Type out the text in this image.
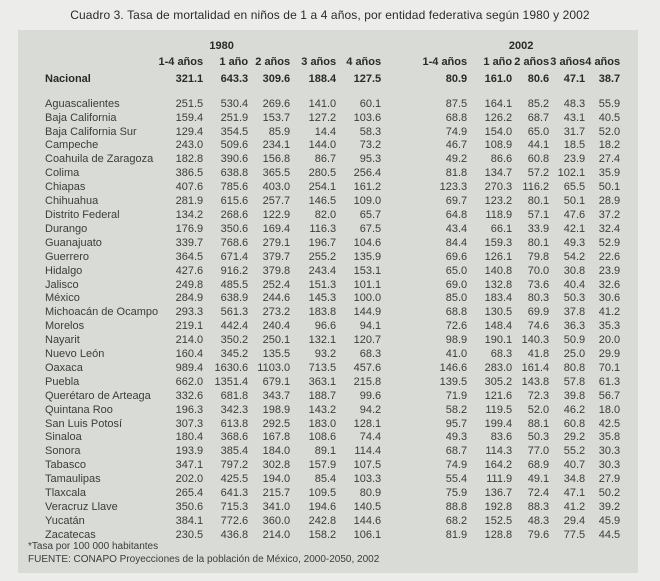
Cuadro 3. Tasa de mortalidad en niños de 1 a 4 años, por entidad federativa según 1980 y 2002
	1980						2002				
	1-4 años	1 año	2 años	3 años	4 años		1-4 años	1 año	2 años	3 años	4 años
Nacional	321.1	643.3	309.6	188.4	127.5		80.9	161.0	80.6	47.1	38.7
Aguascalientes	251.5	530.4	269.6	141.0	60.1		87.5	164.1	85.2	48.3	55.9
Baja California	159.4	251.9	153.7	127.2	103.6		68.8	126.2	68.7	43.1	40.5
Baja California Sur	129.4	354.5	85.9	14.4	58.3		74.9	154.0	65.0	31.7	52.0
Campeche	243.0	509.6	234.1	144.0	73.2		46.7	108.9	44.1	18.5	18.2
Coahuila de Zaragoza	182.8	390.6	156.8	86.7	95.3		49.2	86.6	60.8	23.9	27.4
Colima	386.5	638.8	365.5	280.5	256.4		81.8	134.7	57.2	102.1	35.9
Chiapas	407.6	785.6	403.0	254.1	161.2		123.3	270.3	116.2	65.5	50.1
Chihuahua	281.9	615.6	257.7	146.5	109.0		69.7	123.2	80.1	50.1	28.9
Distrito Federal	134.2	268.6	122.9	82.0	65.7		64.8	118.9	57.1	47.6	37.2
Durango	176.9	350.6	169.4	116.3	67.5		43.4	66.1	33.9	42.1	32.4
Guanajuato	339.7	768.6	279.1	196.7	104.6		84.4	159.3	80.1	49.3	52.9
Guerrero	364.5	671.4	379.7	255.2	135.9		69.6	126.1	79.8	54.2	22.6
Hidalgo	427.6	916.2	379.8	243.4	153.1		65.0	140.8	70.0	30.8	23.9
Jalisco	249.8	485.5	252.4	151.3	101.1		69.0	132.8	73.6	40.4	32.6
México	284.9	638.9	244.6	145.3	100.0		85.0	183.4	80.3	50.3	30.6
Michoacán de Ocampo	293.3	561.3	273.2	183.8	144.9		68.8	130.5	69.9	37.8	41.2
Morelos	219.1	442.4	240.4	96.6	94.1		72.6	148.4	74.6	36.3	35.3
Nayarit	214.0	350.2	250.1	132.1	120.7		98.9	190.1	140.3	50.9	20.0
Nuevo León	160.4	345.2	135.5	93.2	68.3		41.0	68.3	41.8	25.0	29.9
Oaxaca	989.4	1630.6	1103.0	713.5	457.6		146.6	283.0	161.4	80.8	70.1
Puebla	662.0	1351.4	679.1	363.1	215.8		139.5	305.2	143.8	57.8	61.3
Querétaro de Arteaga	332.6	681.8	343.7	188.7	99.6		71.9	121.6	72.3	39.8	56.7
Quintana Roo	196.3	342.3	198.9	143.2	94.2		58.2	119.5	52.0	46.2	18.0
San Luis Potosí	307.3	613.8	292.5	183.0	128.1		95.7	199.4	88.1	60.8	42.5
Sinaloa	180.4	368.6	167.8	108.6	74.4		49.3	83.6	50.3	29.2	35.8
Sonora	193.9	385.4	184.0	89.1	114.4		68.7	114.3	77.0	55.2	30.3
Tabasco	347.1	797.2	302.8	157.9	107.5		74.9	164.2	68.9	40.7	30.3
Tamaulipas	202.0	425.5	194.0	85.4	103.3		55.4	111.9	49.1	34.8	27.9
Tlaxcala	265.4	641.3	215.7	109.5	80.9		75.9	136.7	72.4	47.1	50.2
Veracruz Llave	350.6	715.3	341.0	194.6	140.5		88.8	192.8	88.3	41.2	39.2
Yucatán	384.1	772.6	360.0	242.8	144.6		68.2	152.5	48.3	29.4	45.9
Zacatecas	230.5	436.8	214.0	158.2	106.1		81.9	128.8	79.6	77.5	44.5
*Tasa por 100 000 habitantes
FUENTE: CONAPO Proyecciones de la población de México, 2000-2050, 2002
